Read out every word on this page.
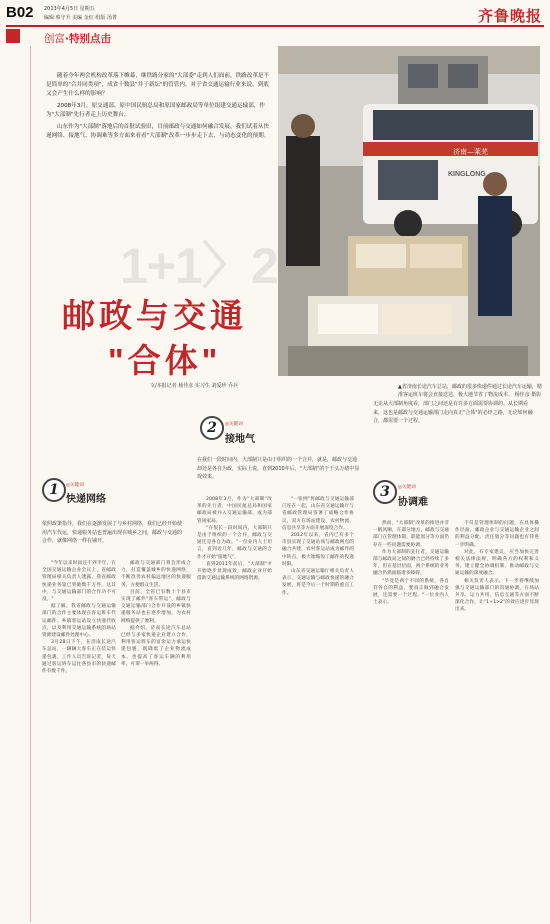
B02 2013年4月5日 星期五
编辑 蔡守升 美编 金红 组版 汤菁	齐鲁晚报
创富·特别点击

随着今年两会机构改革落下帷幕，继铁路分家的"大部委"走到人们面前，铁路改革是不是简单的"合并同类项"，成省十数县"并于新坛"的管管内，对于省交通运输行业来说，到底又会产生什么样的影响？

2008年3月，原交通部、原中国民航总局和原国家邮政局等单位组建交通运输部，作为"大部制"先行者走上历史舞台。

山东作为"大部制"落地后的首批试验田，目前邮政与交通如何融合发展，我们试着从快递网络、接地气、协调难等多方面来看看"大部制"改革一步步走下去，与动态变化的预期。

1+1〉2
邮政与交通
"合体"
文/本报记者 杨佳彦 实习生 刘爱珍 乔兵
济南—莱芜
KINGLONG
▲省济南长途汽车总站，邮政的很多快递件通过长途汽车运输，精准客运班车将会直接送达，极大地节省了物流成本。 杨佳彦 摄影
1	◎关键词
快递网络
依照政策指导，我们在逐渐发展了与乡村网络，我们已经开始使用汽车代运，快递服务站也普遍出现在城乡之间，邮政与交通的合作，就像网络一样在铺开。

"今年以来时间还不到半年，在全国交通运输企业会议上，省邮政管理局相关负责人透露，我省邮政快递业务量已突破数千万件，这其中，与交通运输部门的合作功不可没。"

据了解，我省邮政与交通运输部门的合作主要体现在客运班车代运邮件、乡镇客运站设立快递代收点，以及利用交通运输系统的场站资源建设邮件处理中心。

3月28日下午，在济南长途汽车总站，一辆辆大客车正在装运快递包裹，工作人员告诉记者，每天通过客运班车运往各县市的快递邮件有数千件。

邮政与交通部门将会形成合力，打造覆盖城乡的快递网络，不断改善农村偏远地区的快递服务，方便群众生活。

目前，全省已有数十个县市实现了邮件"客车带运"，邮政与交通运输部门合作开设的乡镇快递服务站也在逐步增加，为农村网购提供了便利。

据介绍，济南长途汽车总站已经与多家快递企业建立合作，利用客运班车的富余运力承运快递包裹，既降低了企业物流成本，也提高了客运车辆的利用率，可谓一举两得。

2	◎关键词
接地气
在我们一段时间内，大部制只是由于组织的一个合并，就是，邮政与交通却还是各自为政，实际上说，直到2010年后，"大部制"的于千头万绪中显现效果。

2008年3月，作为"大部制"改革的先行者，中国民航总局和国家邮政局被并入交通运输部，成为部管国家局。

"在很长一段时间内，大部制只是由于组织的一个合并，邮政与交通还是各自为政。"一位业内人士坦言，直到近几年，邮政与交通的合作才开始"接地气"。

直到2011年前后，"大部制"才开始逐步显现成效，邮政企业开始借助交通运输系统的网络资源。

"一张网"将邮政与交通运输部门连在一起，山东省交通运输厅与省邮政管理局签署了战略合作协议，双方在场站建设、农村物流、信息共享等方面开展深度合作。

2012年以来，省内已有多个市县实现了交通站场与邮政网点的融合共建，农村客运站成为邮件的中转点，极大地缩短了邮件的投递时限。

山东省交通运输厅相关负责人表示，交通运输与邮政快递的融合发展，将是今后一个时期的重点工作。

无论从大部制角度看，部门之间还是有许多方面需要协调的。从长期看来，这也是邮政与交通运输部门走向真正"合体"的必经之路，无论如何融合，都需要一个过程。
3	◎关键词
协调难

然而，"大部制"改革的推进并非一帆风顺，在部分地方，邮政与交通部门在管理体制、职能划分等方面仍存在一些问题需要协调。

作为大部制的先行者，交通运输部与邮政局之间的磨合已经持续了多年，但在基层层面，两个系统的业务融合仍然面临诸多障碍。

"毕竟是两个不同的系统，各自有各自的利益，要真正做到融合发展，还需要一个过程。"一位业内人士表示。

不仅是管理体制的问题，在具体操作层面，邮政企业与交通运输企业之间的利益分配、责任划分等问题也有待进一步明确。

对此，有专家建议，应当加快完善相关法律法规，明确各方的权利和义务，建立健全协调机制，推动邮政与交通运输的深度融合。

相关负责人表示，下一步将继续加强与交通运输部门的沟通协调，在场站共享、运力共用、信息互通等方面不断深化合作，让"1+1>2"的效应逐步显现出来。
